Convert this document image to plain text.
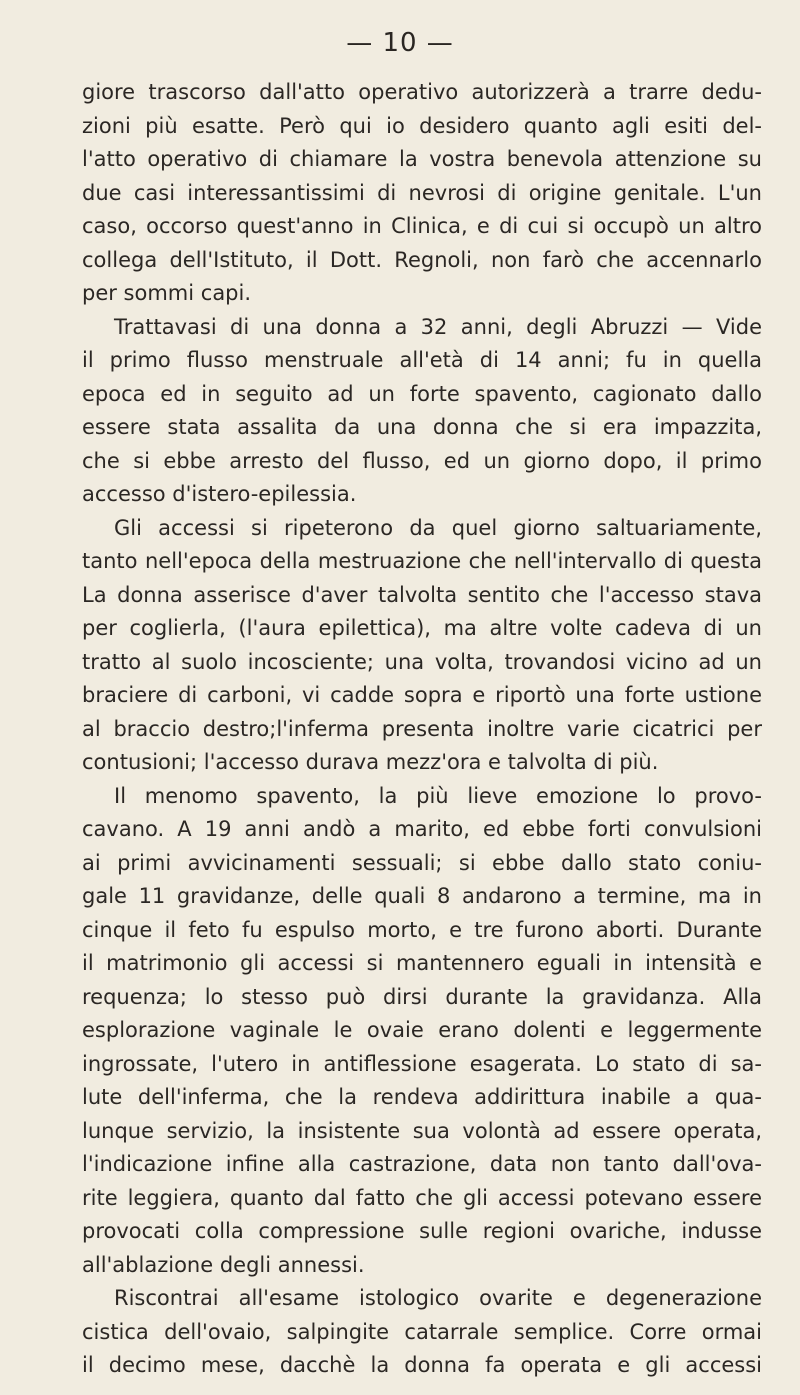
— 10 —
giore trascorso dall'atto operativo autorizzerà a trarre dedu-
zioni più esatte. Però qui io desidero quanto agli esiti del-
l'atto operativo di chiamare la vostra benevola attenzione su
due casi interessantissimi di nevrosi di origine genitale. L'un
caso, occorso quest'anno in Clinica, e di cui si occupò un altro
collega dell'Istituto, il Dott. Regnoli, non farò che accennarlo
per sommi capi.
Trattavasi di una donna a 32 anni, degli Abruzzi — Vide
il primo flusso menstruale all'età di 14 anni; fu in quella
epoca ed in seguito ad un forte spavento, cagionato dallo
essere stata assalita da una donna che si era impazzita,
che si ebbe arresto del flusso, ed un giorno dopo, il primo
accesso d'istero-epilessia.
Gli accessi si ripeterono da quel giorno saltuariamente,
tanto nell'epoca della mestruazione che nell'intervallo di questa
La donna asserisce d'aver talvolta sentito che l'accesso stava
per coglierla, (l'aura epilettica), ma altre volte cadeva di un
tratto al suolo incosciente; una volta, trovandosi vicino ad un
braciere di carboni, vi cadde sopra e riportò una forte ustione
al braccio destro;l'inferma presenta inoltre varie cicatrici per
contusioni; l'accesso durava mezz'ora e talvolta di più.
Il menomo spavento, la più lieve emozione lo provo-
cavano. A 19 anni andò a marito, ed ebbe forti convulsioni
ai primi avvicinamenti sessuali; si ebbe dallo stato coniu-
gale 11 gravidanze, delle quali 8 andarono a termine, ma in
cinque il feto fu espulso morto, e tre furono aborti. Durante
il matrimonio gli accessi si mantennero eguali in intensità e
requenza; lo stesso può dirsi durante la gravidanza. Alla
esplorazione vaginale le ovaie erano dolenti e leggermente
ingrossate, l'utero in antiflessione esagerata. Lo stato di sa-
lute dell'inferma, che la rendeva addirittura inabile a qua-
lunque servizio, la insistente sua volontà ad essere operata,
l'indicazione infine alla castrazione, data non tanto dall'ova-
rite leggiera, quanto dal fatto che gli accessi potevano essere
provocati colla compressione sulle regioni ovariche, indusse
all'ablazione degli annessi.
Riscontrai all'esame istologico ovarite e degenerazione
cistica dell'ovaio, salpingite catarrale semplice. Corre ormai
il decimo mese, dacchè la donna fa operata e gli accessi
